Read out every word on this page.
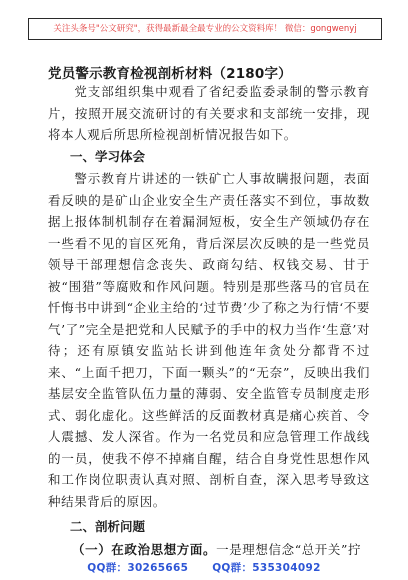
关注头条号"公文研究"，获得最新最全最专业的公文资料库！ 微信：gongwenyj
党员警示教育检视剖析材料（2180字）

党支部组织集中观看了省纪委监委录制的警示教育片，按照开展交流研讨的有关要求和支部统一安排，现将本人观后所思所检视剖析情况报告如下。

一、学习体会

警示教育片讲述的一铁矿亡人事故瞒报问题，表面看反映的是矿山企业安全生产责任落实不到位，事故数据上报体制机制存在着漏洞短板，安全生产领域仍存在一些看不见的盲区死角，背后深层次反映的是一些党员领导干部理想信念丧失、政商勾结、权钱交易、甘于被“围猎”等腐败和作风问题。特别是那些落马的官员在忏悔书中讲到“企业主给的‘过节费’少了称之为行情‘不要气’了”完全是把党和人民赋予的手中的权力当作‘生意’对待；还有原镇安监站长讲到他连年贪处分都背不过来、“上面千把刀，下面一颗头”的“无奈”，反映出我们基层安全监管队伍力量的薄弱、安全监管专员制度走形式、弱化虚化。这些鲜活的反面教材真是痛心疾首、令人震撼、发人深省。作为一名党员和应急管理工作战线的一员，使我不停不掉痛自醒，结合自身党性思想作风和工作岗位职责认真对照、剖析自查，深入思考导致这种结果背后的原因。

二、剖析问题
（一）在政治思想方面。一是理想信念“总开关”拧
QQ群：30265665 QQ群：535304092
